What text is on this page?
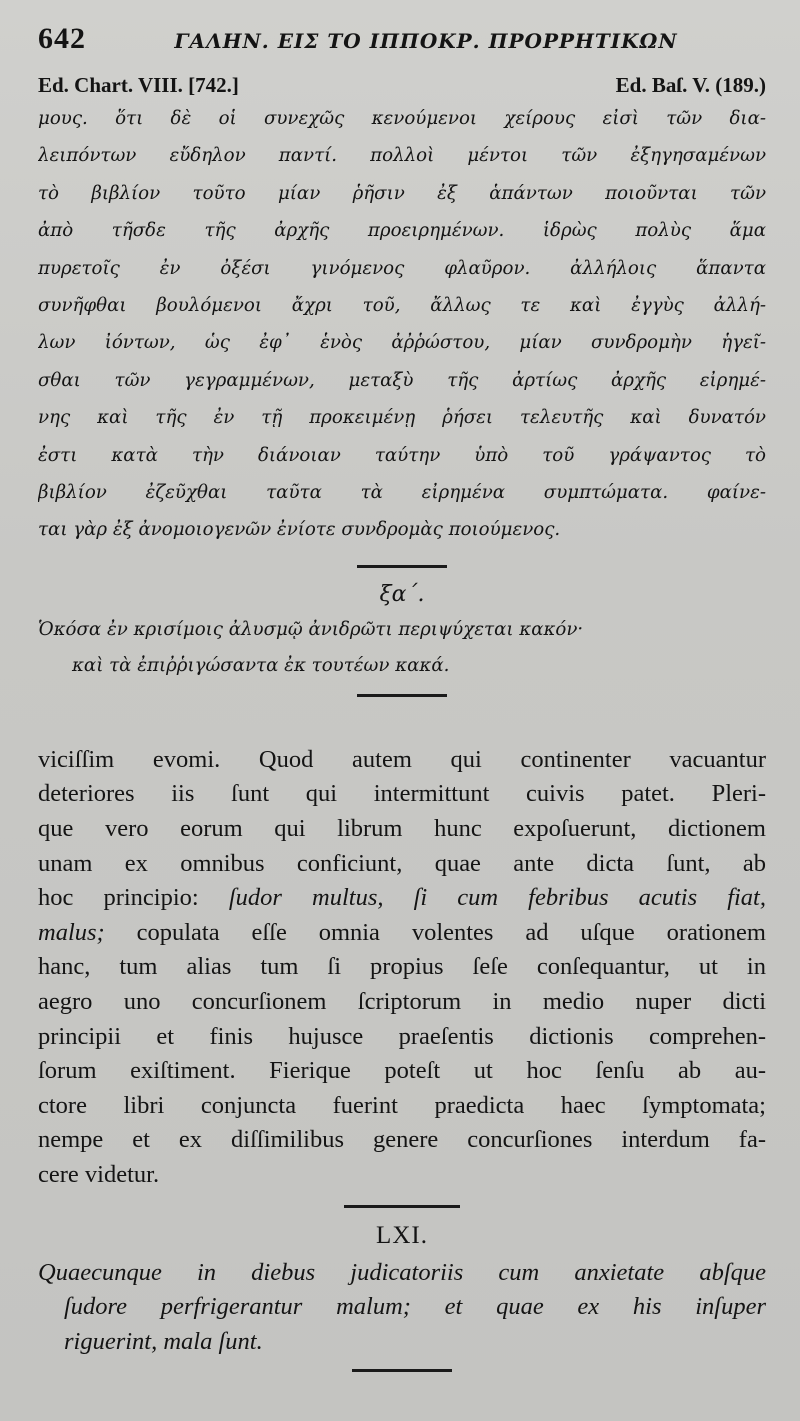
642	ΓΑΛΗΝ. ΕΙΣ ΤΟ ΙΠΠΟΚΡ. ΠΡΟΡΡΗΤΙΚΩΝ
Ed. Chart. VIII. [742.]	Ed. Baſ. V. (189.)
μους. ὅτι δὲ οἱ συνεχῶς κενούμενοι χείρους εἰσὶ τῶν δια-
λειπόντων εὔδηλον παντί. πολλοὶ μέντοι τῶν ἐξηγησαμένων
τὸ βιβλίον τοῦτο μίαν ῥῆσιν ἐξ ἁπάντων ποιοῦνται τῶν
ἀπὸ τῆσδε τῆς ἀρχῆς προειρημένων. ἱδρὼς πολὺς ἅμα
πυρετοῖς ἐν ὀξέσι γινόμενος φλαῦρον. ἀλλήλοις ἅπαντα
συνῆφθαι βουλόμενοι ἄχρι τοῦ, ἄλλως τε καὶ ἐγγὺς ἀλλή-
λων ἰόντων, ὡς ἐφ᾽ ἑνὸς ἀῤῥώστου, μίαν συνδρομὴν ἡγεῖ-
σθαι τῶν γεγραμμένων, μεταξὺ τῆς ἀρτίως ἀρχῆς εἰρημέ-
νης καὶ τῆς ἐν τῇ προκειμένῃ ῥήσει τελευτῆς καὶ δυνατόν
ἐστι κατὰ τὴν διάνοιαν ταύτην ὑπὸ τοῦ γράψαντος τὸ
βιβλίον ἐζεῦχθαι ταῦτα τὰ εἰρημένα συμπτώματα. φαίνε-
ται γὰρ ἐξ ἀνομοιογενῶν ἐνίοτε συνδρομὰς ποιούμενος.
ξα΄.
Ὁκόσα ἐν κρισίμοις ἀλυσμῷ ἀνιδρῶτι περιψύχεται κακόν·
καὶ τὰ ἐπιῤῥιγώσαντα ἐκ τουτέων κακά.
viciſſim evomi. Quod autem qui continenter vacuantur
deteriores iis ſunt qui intermittunt cuivis patet. Pleri-
que vero eorum qui librum hunc expoſuerunt, dictionem
unam ex omnibus conficiunt, quae ante dicta ſunt, ab
hoc principio: ſudor multus, ſi cum febribus acutis fiat,
malus; copulata eſſe omnia volentes ad uſque orationem
hanc, tum alias tum ſi propius ſeſe conſequantur, ut in
aegro uno concurſionem ſcriptorum in medio nuper dicti
principii et finis hujusce praeſentis dictionis comprehen-
ſorum exiſtiment. Fierique poteſt ut hoc ſenſu ab au-
ctore libri conjuncta fuerint praedicta haec ſymptomata;
nempe et ex diſſimilibus genere concurſiones interdum fa-
cere videtur.
LXI.
Quaecunque in diebus judicatoriis cum anxietate abſque
ſudore perfrigerantur malum; et quae ex his inſuper
riguerint, mala ſunt.
